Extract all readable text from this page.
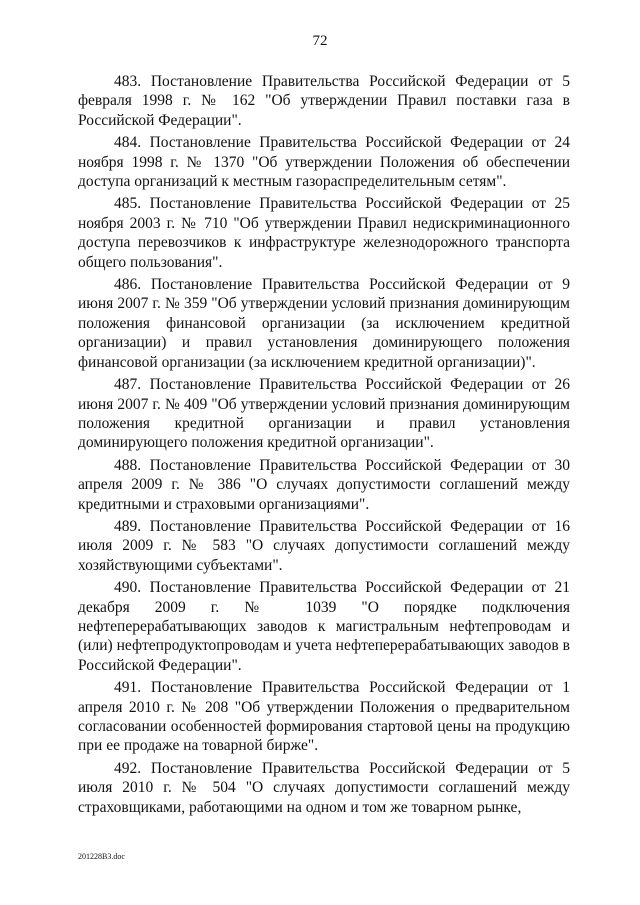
72

483. Постановление Правительства Российской Федерации от 5 февраля 1998 г. № 162 "Об утверждении Правил поставки газа в Российской Федерации".

484. Постановление Правительства Российской Федерации от 24 ноября 1998 г. № 1370 "Об утверждении Положения об обеспечении доступа организаций к местным газораспределительным сетям".

485. Постановление Правительства Российской Федерации от 25 ноября 2003 г. № 710 "Об утверждении Правил недискриминационного доступа перевозчиков к инфраструктуре железнодорожного транспорта общего пользования".

486. Постановление Правительства Российской Федерации от 9 июня 2007 г. № 359 "Об утверждении условий признания доминирующим положения финансовой организации (за исключением кредитной организации) и правил установления доминирующего положения финансовой организации (за исключением кредитной организации)".

487. Постановление Правительства Российской Федерации от 26 июня 2007 г. № 409 "Об утверждении условий признания доминирующим положения кредитной организации и правил установления доминирующего положения кредитной организации".

488. Постановление Правительства Российской Федерации от 30 апреля 2009 г. № 386 "О случаях допустимости соглашений между кредитными и страховыми организациями".

489. Постановление Правительства Российской Федерации от 16 июля 2009 г. № 583 "О случаях допустимости соглашений между хозяйствующими субъектами".

490. Постановление Правительства Российской Федерации от 21 декабря 2009 г. № 1039 "О порядке подключения нефтеперерабатывающих заводов к магистральным нефтепроводам и (или) нефтепродуктопроводам и учета нефтеперерабатывающих заводов в Российской Федерации".

491. Постановление Правительства Российской Федерации от 1 апреля 2010 г. № 208 "Об утверждении Положения о предварительном согласовании особенностей формирования стартовой цены на продукцию при ее продаже на товарной бирже".

492. Постановление Правительства Российской Федерации от 5 июля 2010 г. № 504 "О случаях допустимости соглашений между страховщиками, работающими на одном и том же товарном рынке,

201228B3.doc
